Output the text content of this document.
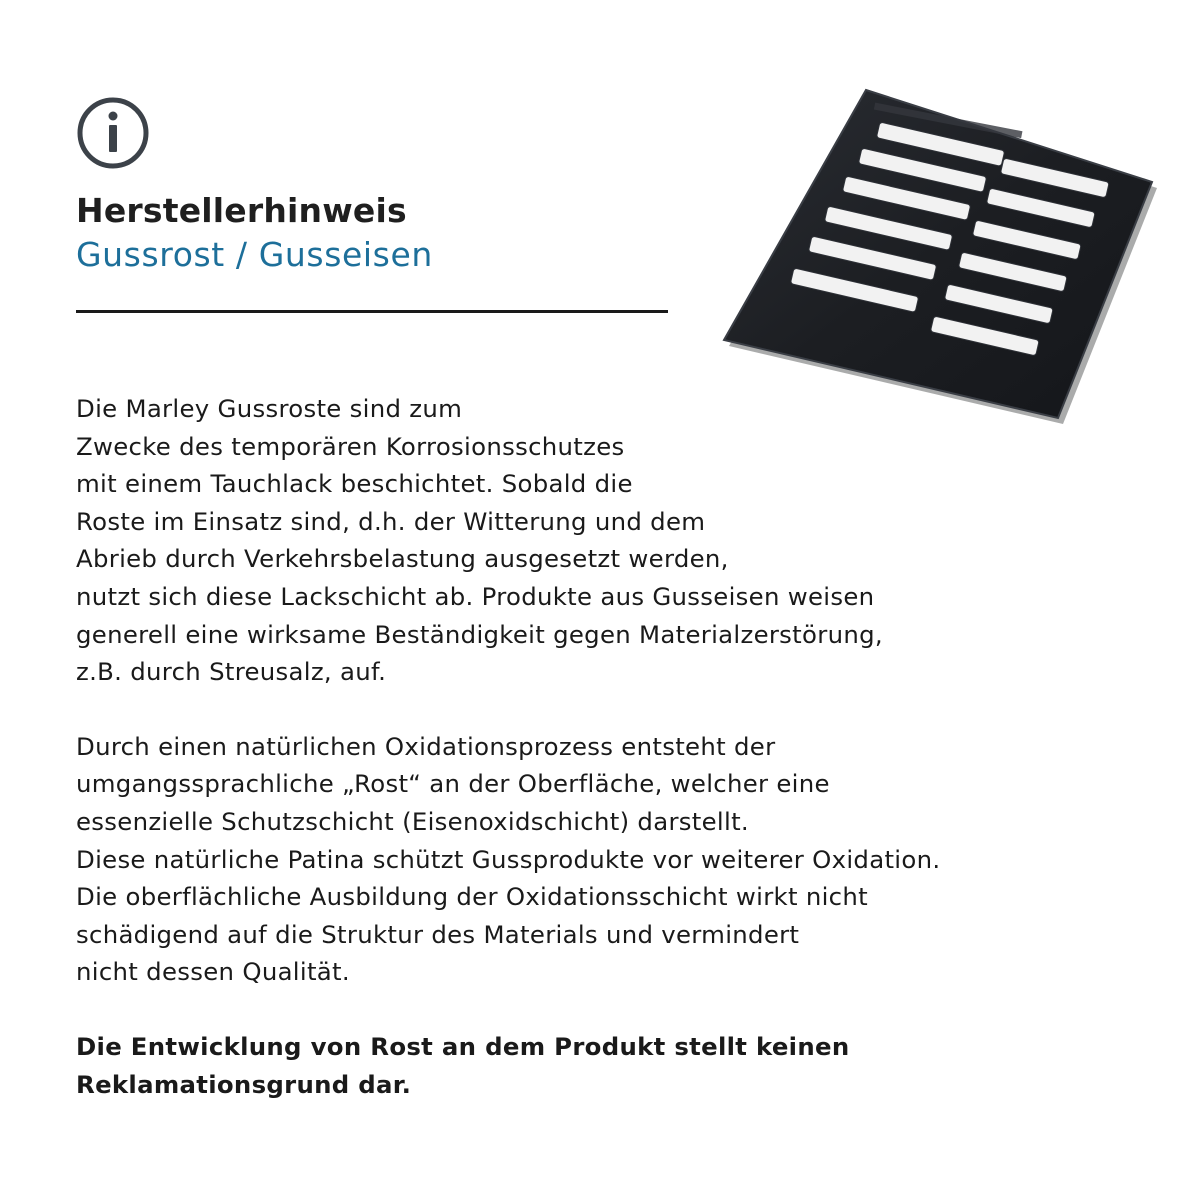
Herstellerhinweis
Gussrost / Gusseisen

Die Marley Gussroste sind zum
Zwecke des temporären Korrosionsschutzes
mit einem Tauchlack beschichtet. Sobald die
Roste im Einsatz sind, d.h. der Witterung und dem
Abrieb durch Verkehrsbelastung ausgesetzt werden,
nutzt sich diese Lackschicht ab. Produkte aus Gusseisen weisen
generell eine wirksame Beständigkeit gegen Materialzerstörung,
z.B. durch Streusalz, auf.

Durch einen natürlichen Oxidationsprozess entsteht der
umgangssprachliche „Rost“ an der Oberfläche, welcher eine
essenzielle Schutzschicht (Eisenoxidschicht) darstellt.
Diese natürliche Patina schützt Gussprodukte vor weiterer Oxidation.
Die oberflächliche Ausbildung der Oxidationsschicht wirkt nicht
schädigend auf die Struktur des Materials und vermindert
nicht dessen Qualität.

Die Entwicklung von Rost an dem Produkt stellt keinen
Reklamationsgrund dar.
